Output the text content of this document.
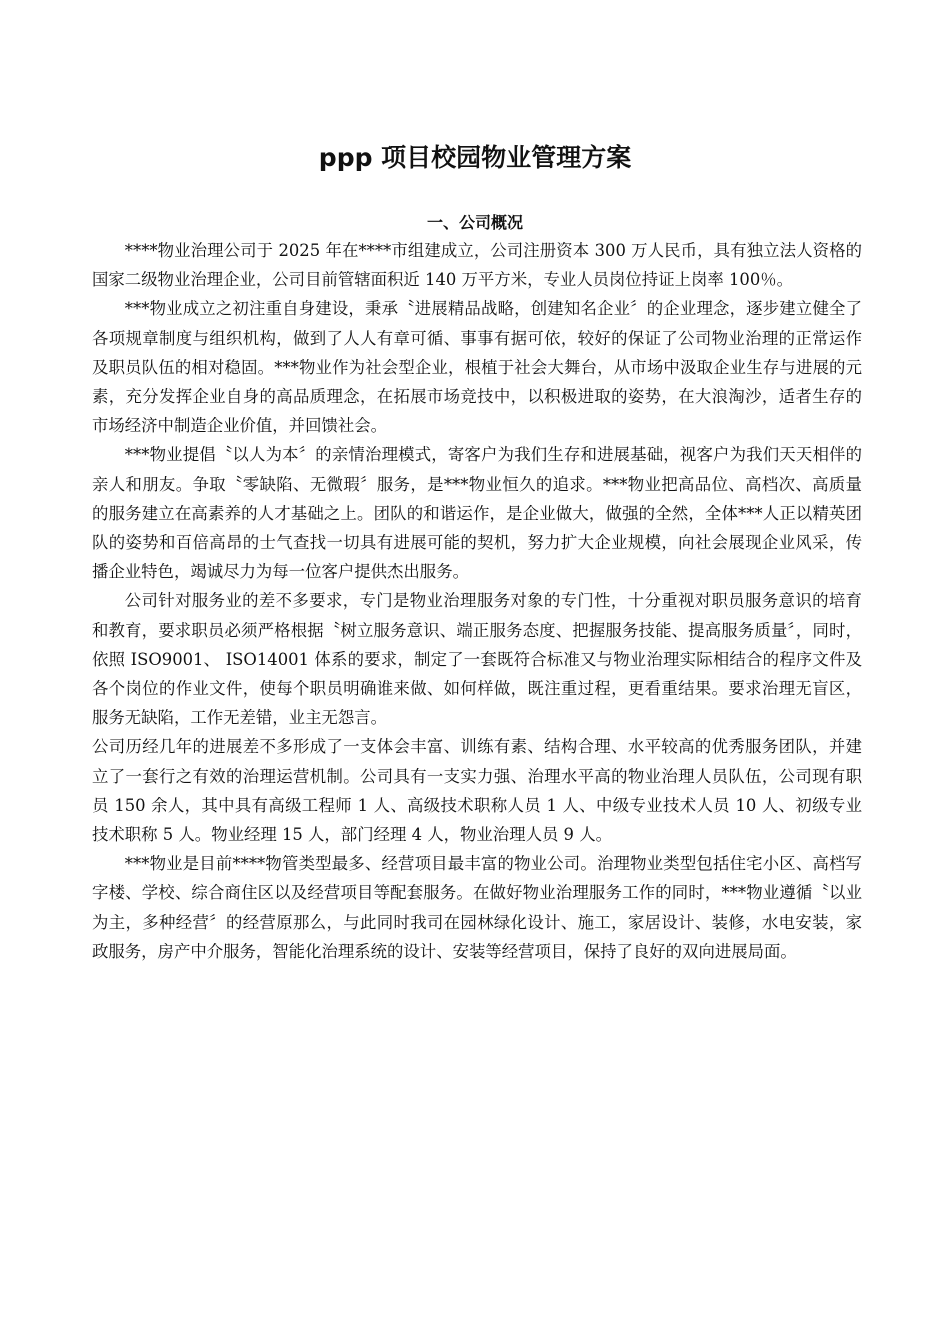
ppp 项目校园物业管理方案
一、公司概况

****物业治理公司于 2025 年在****市组建成立，公司注册资本 300 万人民币，具有独立法人资格的国家二级物业治理企业，公司目前管辖面积近 140 万平方米，专业人员岗位持证上岗率 100％。

***物业成立之初注重自身建设，秉承〝进展精品战略，创建知名企业〞的企业理念，逐步建立健全了各项规章制度与组织机构，做到了人人有章可循、事事有据可依，较好的保证了公司物业治理的正常运作及职员队伍的相对稳固。***物业作为社会型企业，根植于社会大舞台，从市场中汲取企业生存与进展的元素，充分发挥企业自身的高品质理念，在拓展市场竞技中，以积极进取的姿势，在大浪淘沙，适者生存的市场经济中制造企业价值，并回馈社会。

***物业提倡〝以人为本〞的亲情治理模式，寄客户为我们生存和进展基础，视客户为我们天天相伴的亲人和朋友。争取〝零缺陷、无微瑕〞服务，是***物业恒久的追求。***物业把高品位、高档次、高质量的服务建立在高素养的人才基础之上。团队的和谐运作，是企业做大，做强的全然，全体***人正以精英团队的姿势和百倍高昂的士气查找一切具有进展可能的契机，努力扩大企业规模，向社会展现企业风采，传播企业特色，竭诚尽力为每一位客户提供杰出服务。

公司针对服务业的差不多要求，专门是物业治理服务对象的专门性，十分重视对职员服务意识的培育和教育，要求职员必须严格根据〝树立服务意识、端正服务态度、把握服务技能、提高服务质量〞，同时，依照 ISO9001、 ISO14001 体系的要求，制定了一套既符合标准又与物业治理实际相结合的程序文件及各个岗位的作业文件，使每个职员明确谁来做、如何样做，既注重过程，更看重结果。要求治理无盲区，服务无缺陷，工作无差错，业主无怨言。

公司历经几年的进展差不多形成了一支体会丰富、训练有素、结构合理、水平较高的优秀服务团队，并建立了一套行之有效的治理运营机制。公司具有一支实力强、治理水平高的物业治理人员队伍，公司现有职员 150 余人，其中具有高级工程师 1 人、高级技术职称人员 1 人、中级专业技术人员 10 人、初级专业技术职称 5 人。物业经理 15 人，部门经理 4 人，物业治理人员 9 人。

***物业是目前****物管类型最多、经营项目最丰富的物业公司。治理物业类型包括住宅小区、高档写字楼、学校、综合商住区以及经营项目等配套服务。在做好物业治理服务工作的同时，***物业遵循〝以业为主，多种经营〞的经营原那么，与此同时我司在园林绿化设计、施工，家居设计、装修，水电安装，家政服务，房产中介服务，智能化治理系统的设计、安装等经营项目，保持了良好的双向进展局面。
